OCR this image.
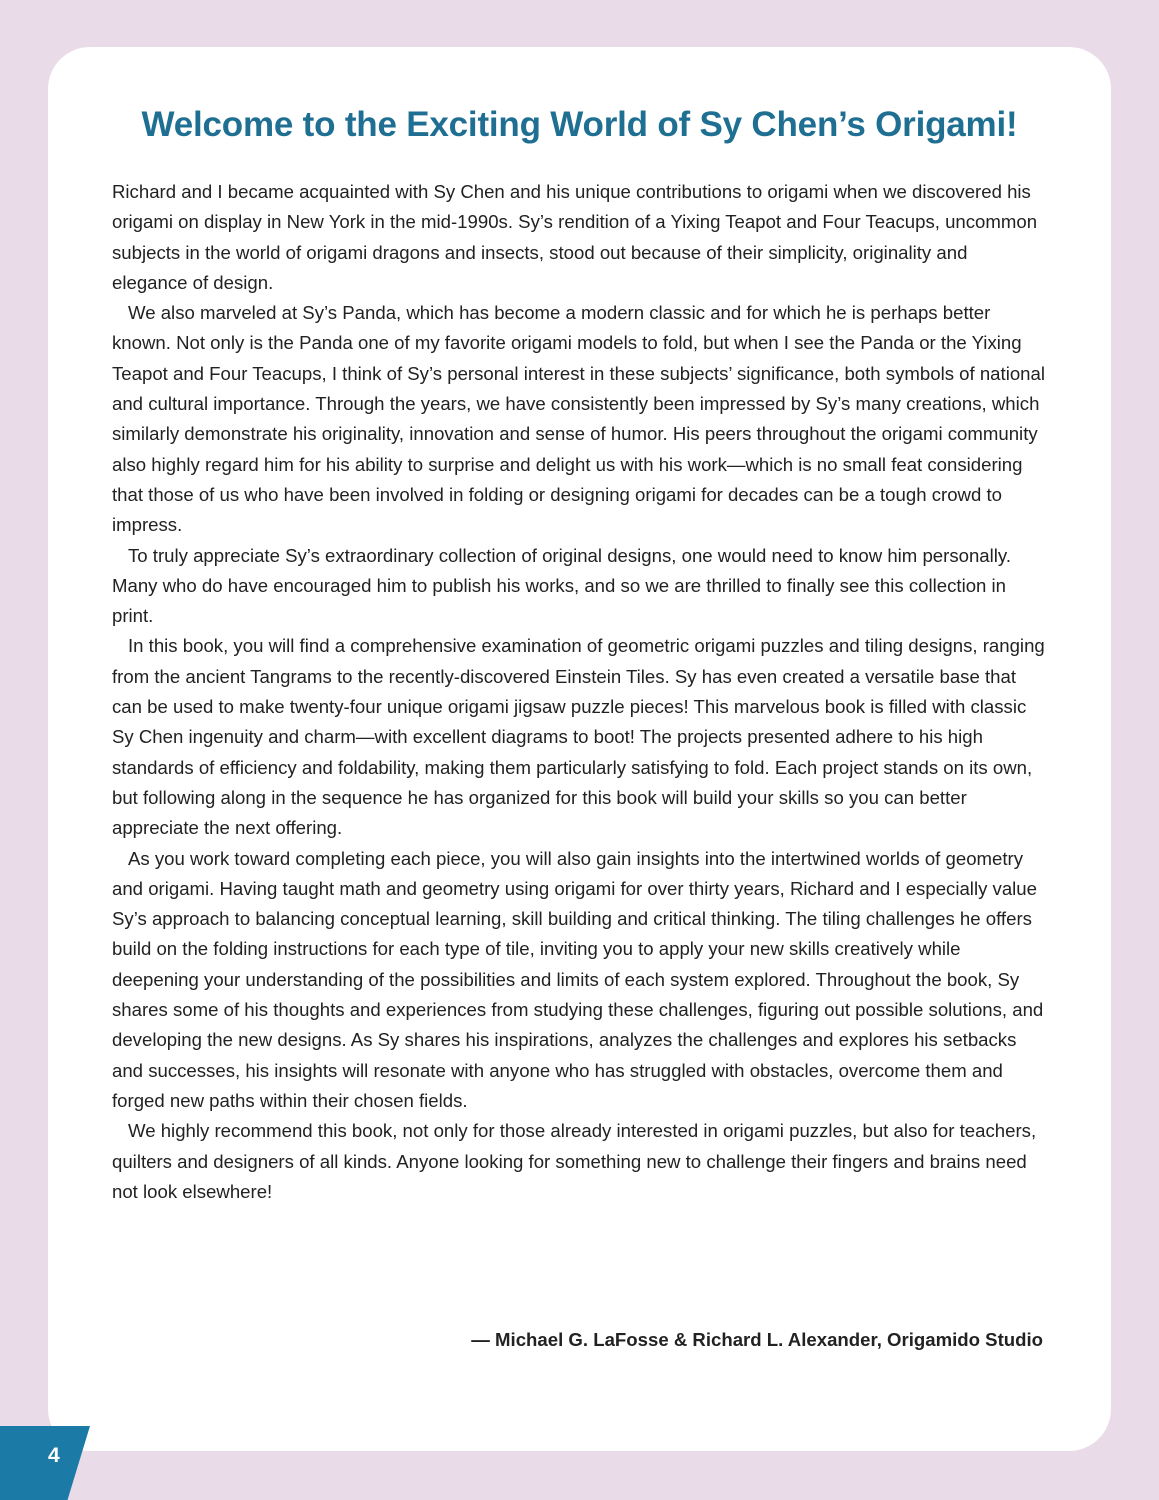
Welcome to the Exciting World of Sy Chen’s Origami!

Richard and I became acquainted with Sy Chen and his unique contributions to origami when we discovered his origami on display in New York in the mid-1990s. Sy’s rendition of a Yixing Teapot and Four Teacups, uncommon subjects in the world of origami dragons and insects, stood out because of their simplicity, originality and elegance of design.

We also marveled at Sy’s Panda, which has become a modern classic and for which he is perhaps better known. Not only is the Panda one of my favorite origami models to fold, but when I see the Panda or the Yixing Teapot and Four Teacups, I think of Sy’s personal interest in these subjects’ significance, both symbols of national and cultural importance. Through the years, we have consistently been impressed by Sy’s many creations, which similarly demonstrate his originality, innovation and sense of humor. His peers throughout the origami community also highly regard him for his ability to surprise and delight us with his work—which is no small feat considering that those of us who have been involved in folding or designing origami for decades can be a tough crowd to impress.

To truly appreciate Sy’s extraordinary collection of original designs, one would need to know him personally. Many who do have encouraged him to publish his works, and so we are thrilled to finally see this collection in print.

In this book, you will find a comprehensive examination of geometric origami puzzles and tiling designs, ranging from the ancient Tangrams to the recently-discovered Einstein Tiles. Sy has even created a versatile base that can be used to make twenty-four unique origami jigsaw puzzle pieces! This marvelous book is filled with classic Sy Chen ingenuity and charm—with excellent diagrams to boot! The projects presented adhere to his high standards of efficiency and foldability, making them particularly satisfying to fold. Each project stands on its own, but following along in the sequence he has organized for this book will build your skills so you can better appreciate the next offering.

As you work toward completing each piece, you will also gain insights into the intertwined worlds of geometry and origami. Having taught math and geometry using origami for over thirty years, Richard and I especially value Sy’s approach to balancing conceptual learning, skill building and critical thinking. The tiling challenges he offers build on the folding instructions for each type of tile, inviting you to apply your new skills creatively while deepening your understanding of the possibilities and limits of each system explored. Throughout the book, Sy shares some of his thoughts and experiences from studying these challenges, figuring out possible solutions, and developing the new designs. As Sy shares his inspirations, analyzes the challenges and explores his setbacks and successes, his insights will resonate with anyone who has struggled with obstacles, overcome them and forged new paths within their chosen fields.

We highly recommend this book, not only for those already interested in origami puzzles, but also for teachers, quilters and designers of all kinds. Anyone looking for something new to challenge their fingers and brains need not look elsewhere!

— Michael G. LaFosse & Richard L. Alexander, Origamido Studio

4
